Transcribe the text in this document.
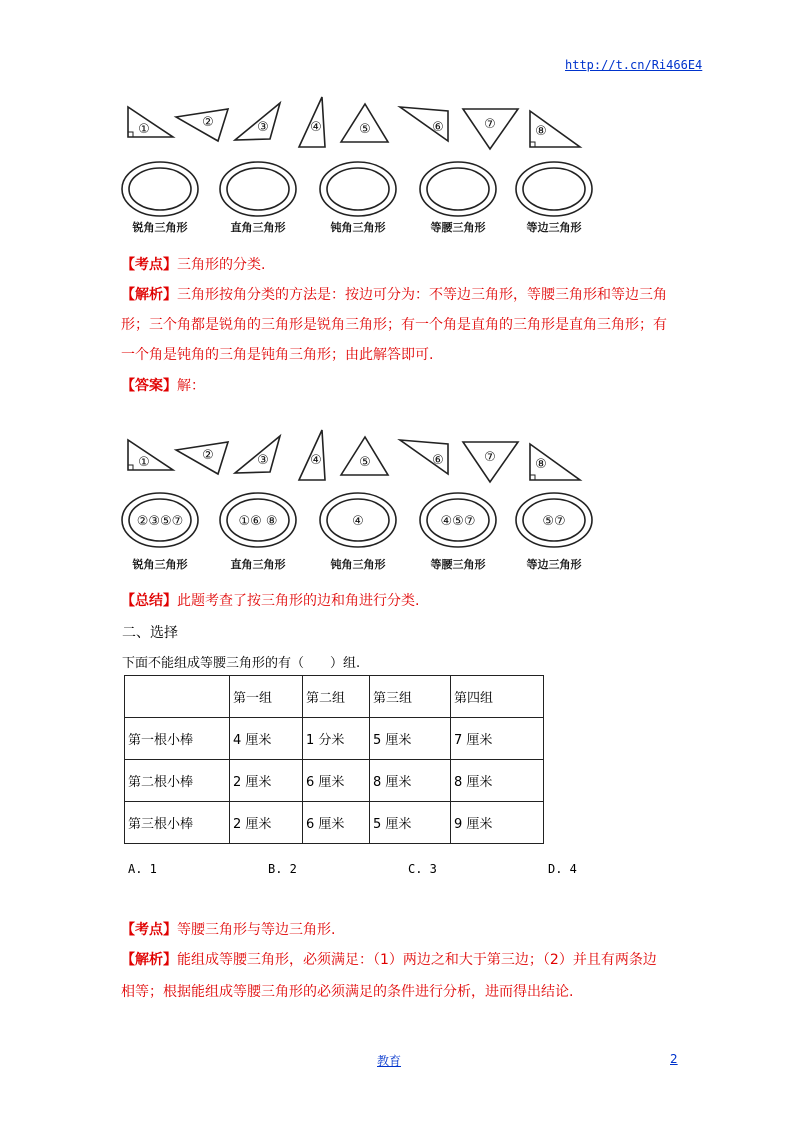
http://t.cn/Ri466E4
①	②	③	④	⑤	⑥	⑦	⑧
锐角三角形	直角三角形	钝角三角形	等腰三角形	等边三角形
【考点】三角形的分类.
【解析】三角形按角分类的方法是：按边可分为：不等边三角形，等腰三角形和等边三角
形；三个角都是锐角的三角形是锐角三角形；有一个角是直角的三角形是直角三角形；有
一个角是钝角的三角是钝角三角形；由此解答即可.
【答案】解：
①	②	③	④	⑤	⑥	⑦	⑧
②③⑤⑦	①⑥ ⑧	④	④⑤⑦	⑤⑦
锐角三角形	直角三角形	钝角三角形	等腰三角形	等边三角形
【总结】此题考查了按三角形的边和角进行分类.
二、选择
下面不能组成等腰三角形的有（　　）组.
	第一组	第二组	第三组	第四组
第一根小棒	4 厘米	1 分米	5 厘米	7 厘米
第二根小棒	2 厘米	6 厘米	8 厘米	8 厘米
第三根小棒	2 厘米	6 厘米	5 厘米	9 厘米
A. 1	B. 2	C. 3	D. 4
【考点】等腰三角形与等边三角形.
【解析】能组成等腰三角形，必须满足：（1）两边之和大于第三边；（2）并且有两条边
相等；根据能组成等腰三角形的必须满足的条件进行分析，进而得出结论.
教育	2
